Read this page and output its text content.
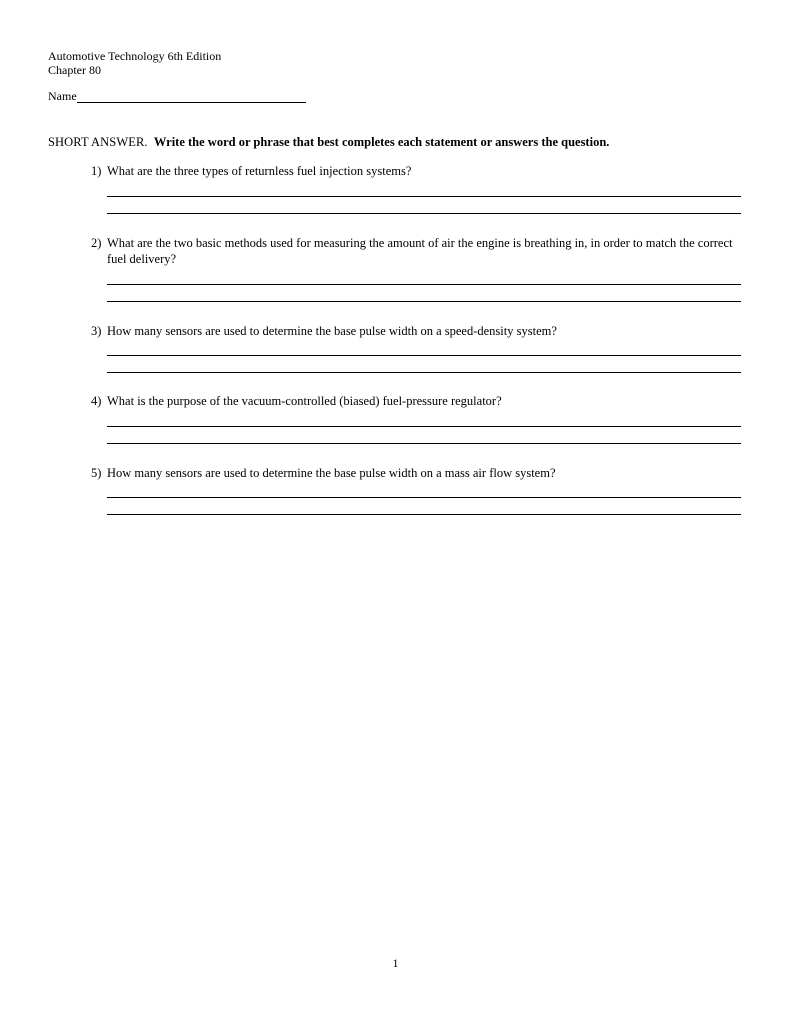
Automotive Technology 6th Edition
Chapter 80
Name
SHORT ANSWER. Write the word or phrase that best completes each statement or answers the question.
1) What are the three types of returnless fuel injection systems?
2) What are the two basic methods used for measuring the amount of air the engine is breathing in, in order to match the correct fuel delivery?
3) How many sensors are used to determine the base pulse width on a speed-density system?
4) What is the purpose of the vacuum-controlled (biased) fuel-pressure regulator?
5) How many sensors are used to determine the base pulse width on a mass air flow system?
1
